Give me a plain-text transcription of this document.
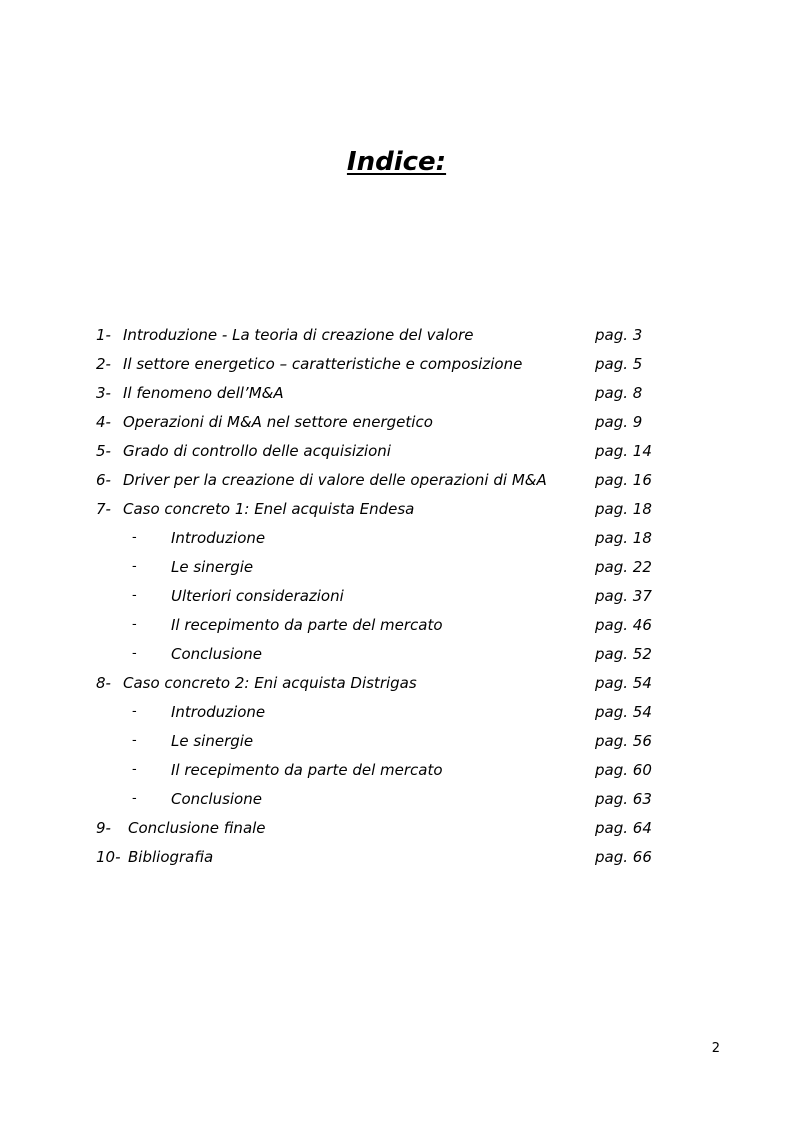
Indice:
1- Introduzione - La teoria di creazione del valore	pag. 3
2- Il settore energetico – caratteristiche e composizione	pag. 5
3- Il fenomeno dell’M&A	pag. 8
4- Operazioni di M&A nel settore energetico	pag. 9
5- Grado di controllo delle acquisizioni	pag. 14
6- Driver per la creazione di valore delle operazioni di M&A	pag. 16
7- Caso concreto 1: Enel acquista Endesa	pag. 18
- Introduzione	pag. 18
- Le sinergie	pag. 22
- Ulteriori considerazioni	pag. 37
- Il recepimento da parte del mercato	pag. 46
- Conclusione	pag. 52
8- Caso concreto 2: Eni acquista Distrigas	pag. 54
- Introduzione	pag. 54
- Le sinergie	pag. 56
- Il recepimento da parte del mercato	pag. 60
- Conclusione	pag. 63
9- Conclusione finale	pag. 64
10- Bibliografia	pag. 66
2
